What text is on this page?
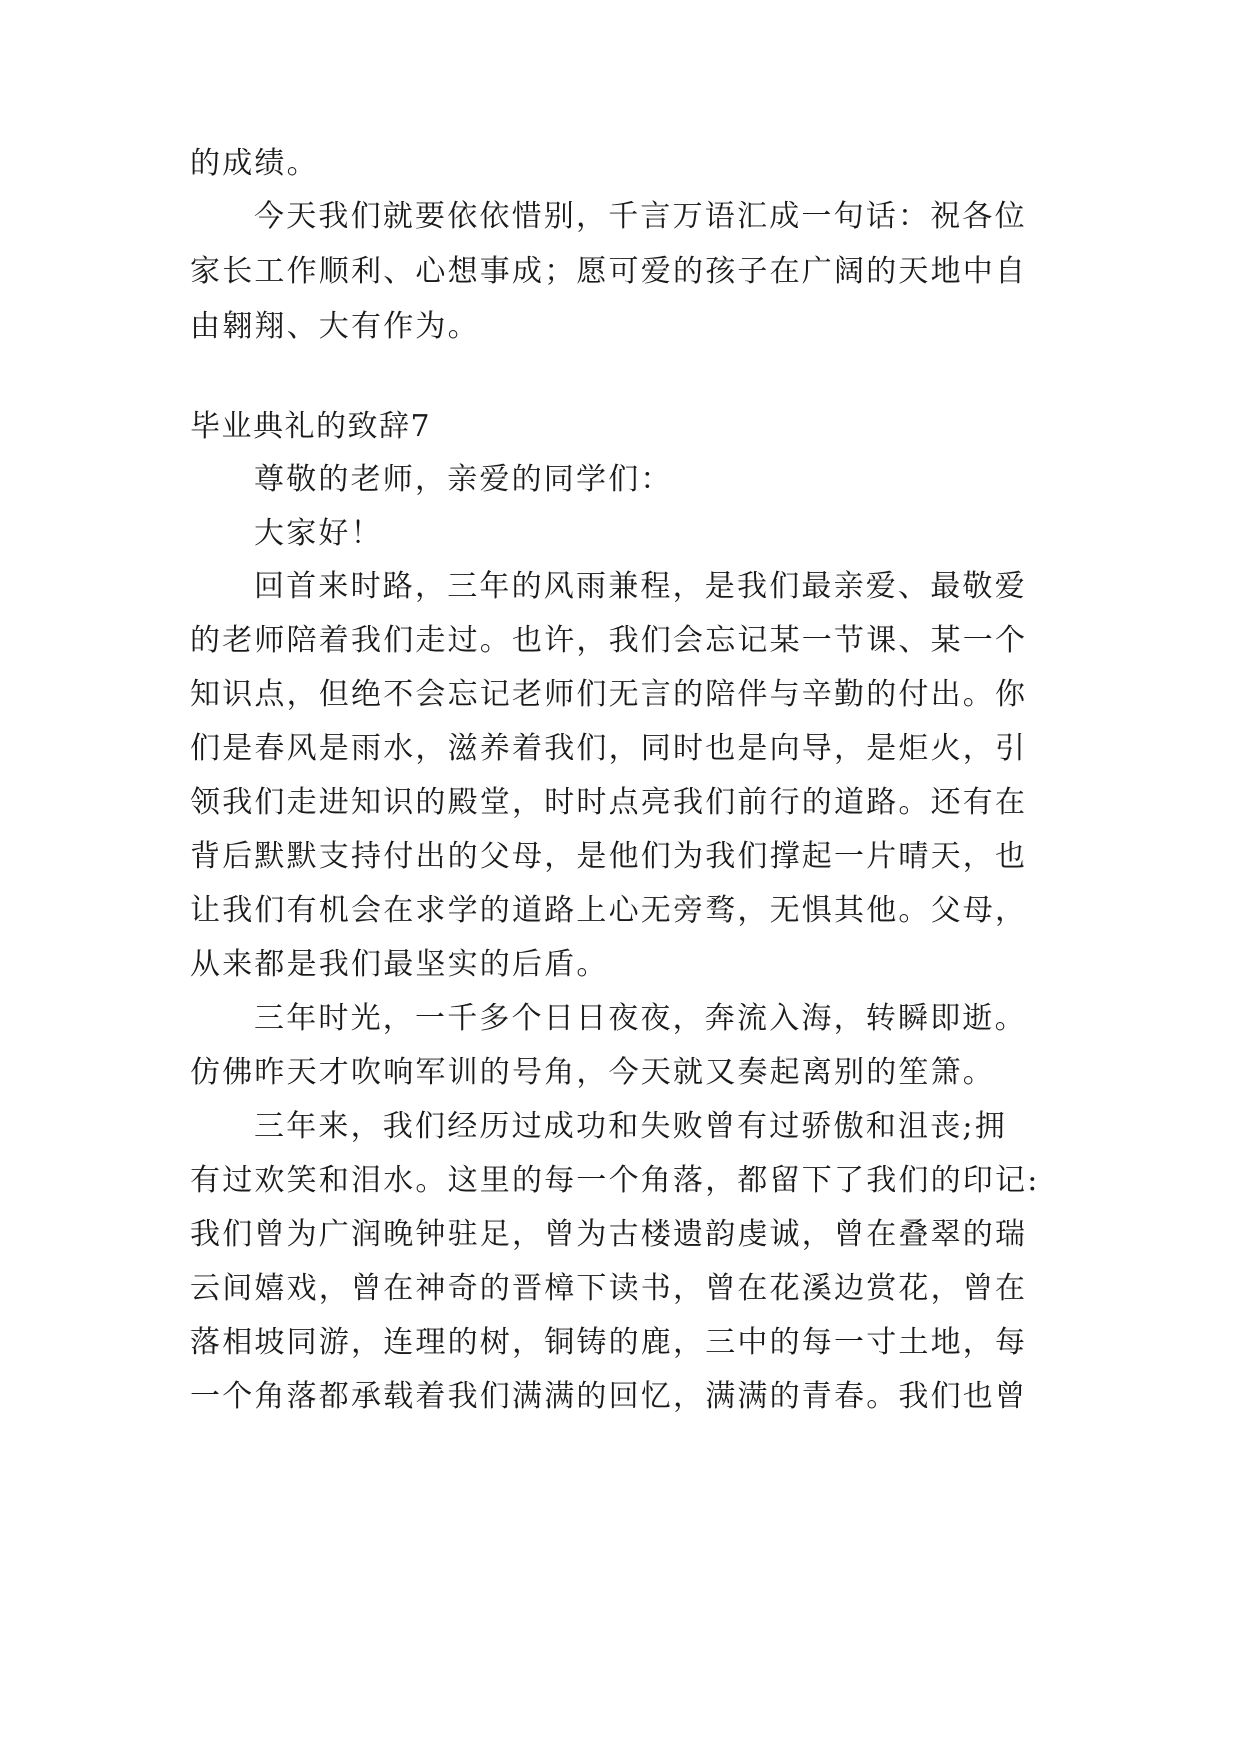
的成绩。
今天我们就要依依惜别，千言万语汇成一句话：祝各位
家长工作顺利、心想事成；愿可爱的孩子在广阔的天地中自
由翱翔、大有作为。
毕业典礼的致辞7
尊敬的老师，亲爱的同学们：
大家好！
回首来时路，三年的风雨兼程，是我们最亲爱、最敬爱
的老师陪着我们走过。也许，我们会忘记某一节课、某一个
知识点，但绝不会忘记老师们无言的陪伴与辛勤的付出。你
们是春风是雨水，滋养着我们，同时也是向导，是炬火，引
领我们走进知识的殿堂，时时点亮我们前行的道路。还有在
背后默默支持付出的父母，是他们为我们撑起一片晴天，也
让我们有机会在求学的道路上心无旁骛，无惧其他。父母，
从来都是我们最坚实的后盾。
三年时光，一千多个日日夜夜，奔流入海，转瞬即逝。
仿佛昨天才吹响军训的号角，今天就又奏起离别的笙箫。
三年来，我们经历过成功和失败曾有过骄傲和沮丧;拥
有过欢笑和泪水。这里的每一个角落，都留下了我们的印记:
我们曾为广润晚钟驻足，曾为古楼遗韵虔诚，曾在叠翠的瑞
云间嬉戏，曾在神奇的晋樟下读书，曾在花溪边赏花，曾在
落相坡同游，连理的树，铜铸的鹿，三中的每一寸土地，每
一个角落都承载着我们满满的回忆，满满的青春。我们也曾
